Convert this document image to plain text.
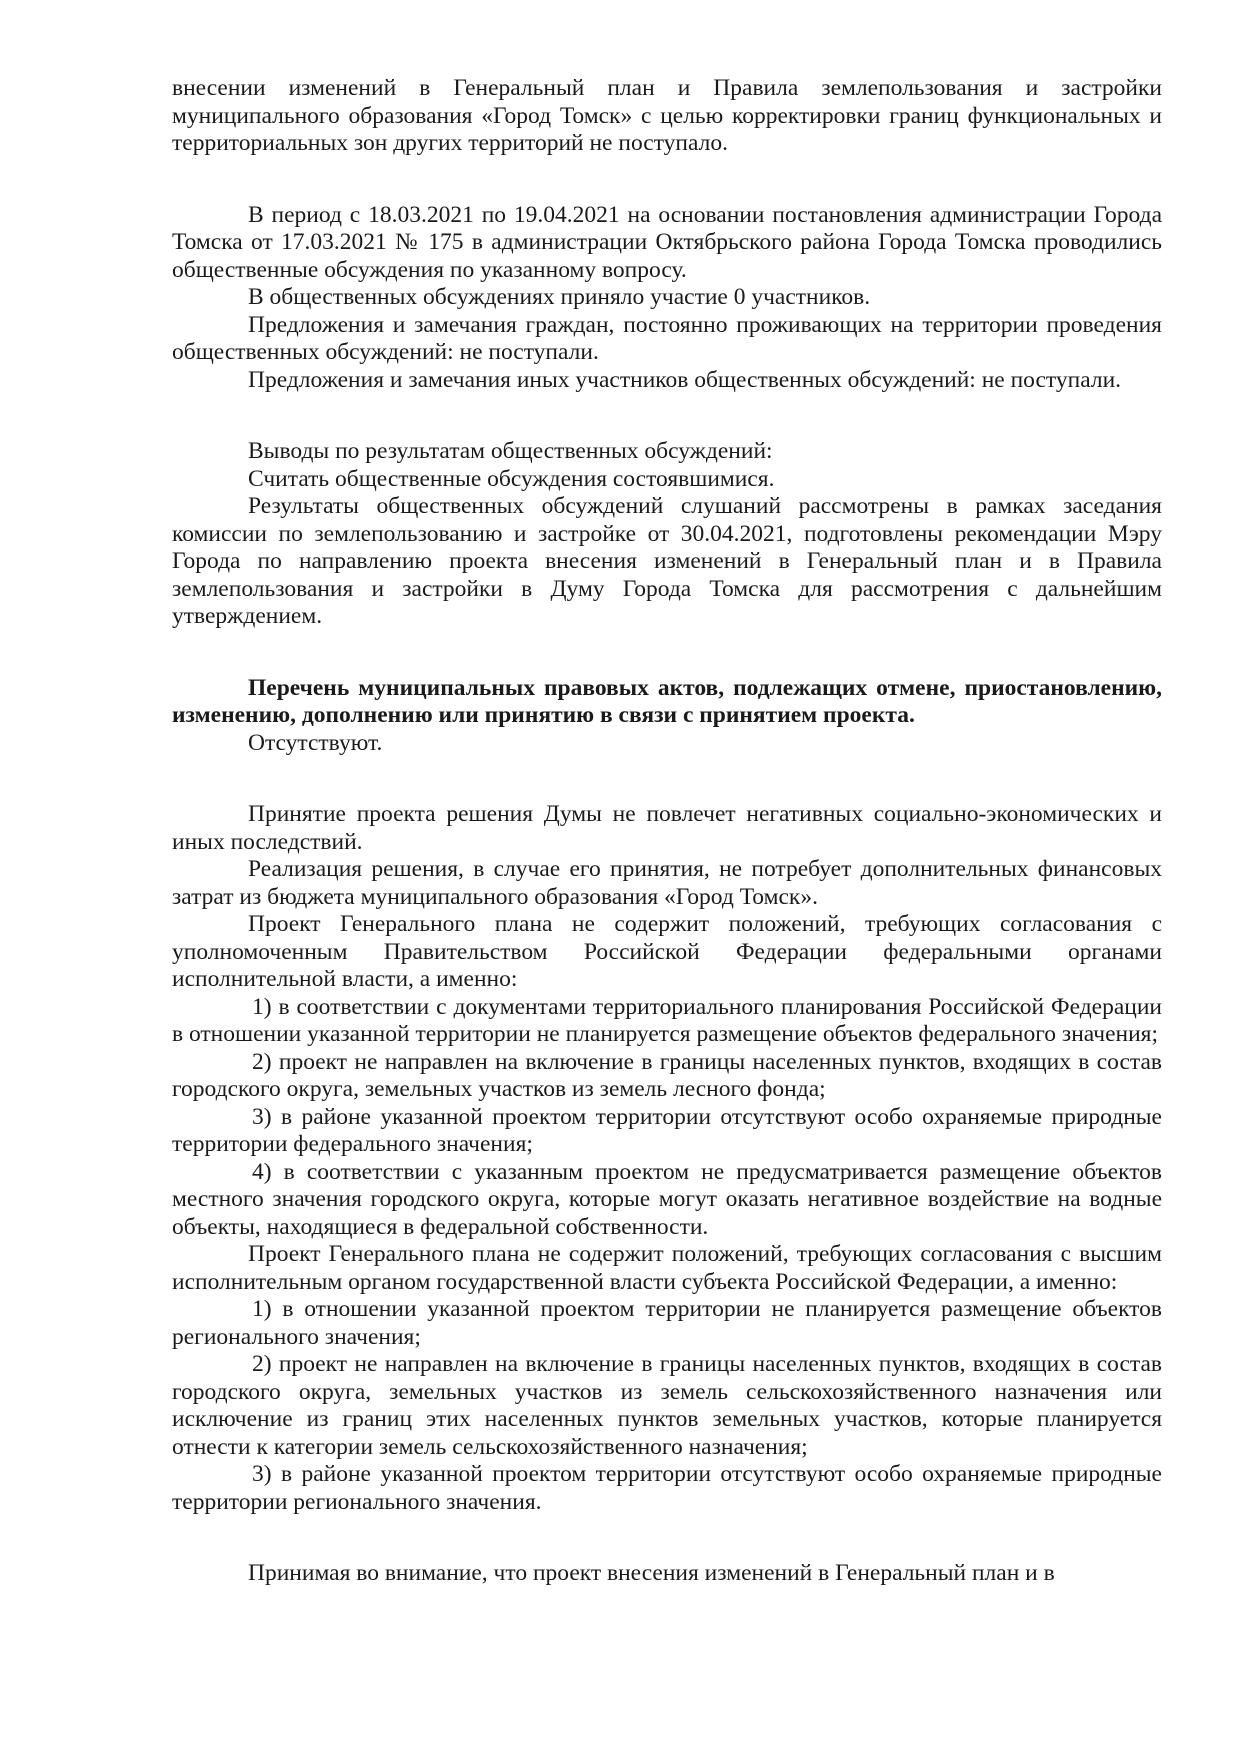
внесении изменений в Генеральный план и Правила землепользования и застройки муниципального образования «Город Томск» с целью корректировки границ функциональных и территориальных зон других территорий не поступало.

В период с 18.03.2021 по 19.04.2021 на основании постановления администрации Города Томска от 17.03.2021 № 175 в администрации Октябрьского района Города Томска проводились общественные обсуждения по указанному вопросу.

В общественных обсуждениях приняло участие 0 участников.

Предложения и замечания граждан, постоянно проживающих на территории проведения общественных обсуждений: не поступали.

Предложения и замечания иных участников общественных обсуждений: не поступали.

Выводы по результатам общественных обсуждений:

Считать общественные обсуждения состоявшимися.

Результаты общественных обсуждений слушаний рассмотрены в рамках заседания комиссии по землепользованию и застройке от 30.04.2021, подготовлены рекомендации Мэру Города по направлению проекта внесения изменений в Генеральный план и в Правила землепользования и застройки в Думу Города Томска для рассмотрения с дальнейшим утверждением.

Перечень муниципальных правовых актов, подлежащих отмене, приостановлению, изменению, дополнению или принятию в связи с принятием проекта.

Отсутствуют.

Принятие проекта решения Думы не повлечет негативных социально-экономических и иных последствий.

Реализация решения, в случае его принятия, не потребует дополнительных финансовых затрат из бюджета муниципального образования «Город Томск».

Проект Генерального плана не содержит положений, требующих согласования с уполномоченным Правительством Российской Федерации федеральными органами исполнительной власти, а именно:

1) в соответствии с документами территориального планирования Российской Федерации в отношении указанной территории не планируется размещение объектов федерального значения;

2) проект не направлен на включение в границы населенных пунктов, входящих в состав городского округа, земельных участков из земель лесного фонда;

3) в районе указанной проектом территории отсутствуют особо охраняемые природные территории федерального значения;

4) в соответствии с указанным проектом не предусматривается размещение объектов местного значения городского округа, которые могут оказать негативное воздействие на водные объекты, находящиеся в федеральной собственности.

Проект Генерального плана не содержит положений, требующих согласования с высшим исполнительным органом государственной власти субъекта Российской Федерации, а именно:

1) в отношении указанной проектом территории не планируется размещение объектов регионального значения;

2) проект не направлен на включение в границы населенных пунктов, входящих в состав городского округа, земельных участков из земель сельскохозяйственного назначения или исключение из границ этих населенных пунктов земельных участков, которые планируется отнести к категории земель сельскохозяйственного назначения;

3) в районе указанной проектом территории отсутствуют особо охраняемые природные территории регионального значения.

Принимая во внимание, что проект внесения изменений в Генеральный план и в
